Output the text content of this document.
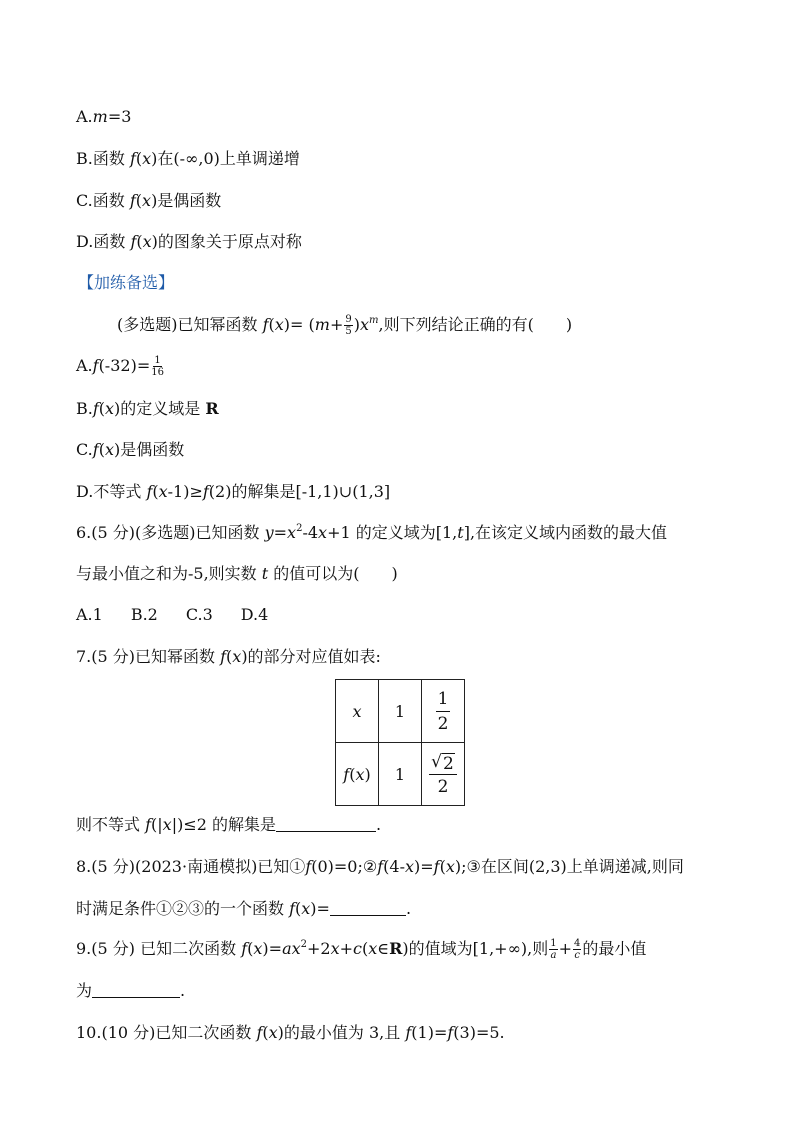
A.m=3
B.函数 f(x)在(-∞,0)上单调递增
C.函数 f(x)是偶函数
D.函数 f(x)的图象关于原点对称
【加练备选】
(多选题)已知幂函数 $f(x)= (m+ \frac{9}{5} )x^m$,则下列结论正确的有(　　)
$A.f(-32)= \frac{1}{16}$
B.f(x)的定义域是 R
C.f(x)是偶函数
D.不等式 f(x-1)≥f(2)的解集是[-1,1)∪(1,3]
6.(5 分)(多选题)已知函数 $y=x^2-4x+1$ 的定义域为[1,t],在该定义域内函数的最大值
与最小值之和为-5,则实数 t 的值可以为(　　)
A.1 B.2 C.3 D.4
7.(5 分)已知幂函数 f(x)的部分对应值如表:
x	1	$\frac{1}{2}$

f(x)	1	$\frac{√ 2}{2}$
则不等式 f(|x|)≤2 的解集是	.
8.(5 分)(2023·南通模拟)已知①f(0)=0;②f(4-x)=f(x);③在区间(2,3)上单调递减,则同
时满足条件①②③的一个函数 f(x)=	.
9.(5 分) 已知二次函数 $f(x)=ax^2+2x+c(x\in R)$的值域为[1,+∞),则 $\frac{1}{a} + \frac{4}{c}$ 的最小值
为	.
10.(10 分)已知二次函数 f(x)的最小值为 3,且 f(1)=f(3)=5.
